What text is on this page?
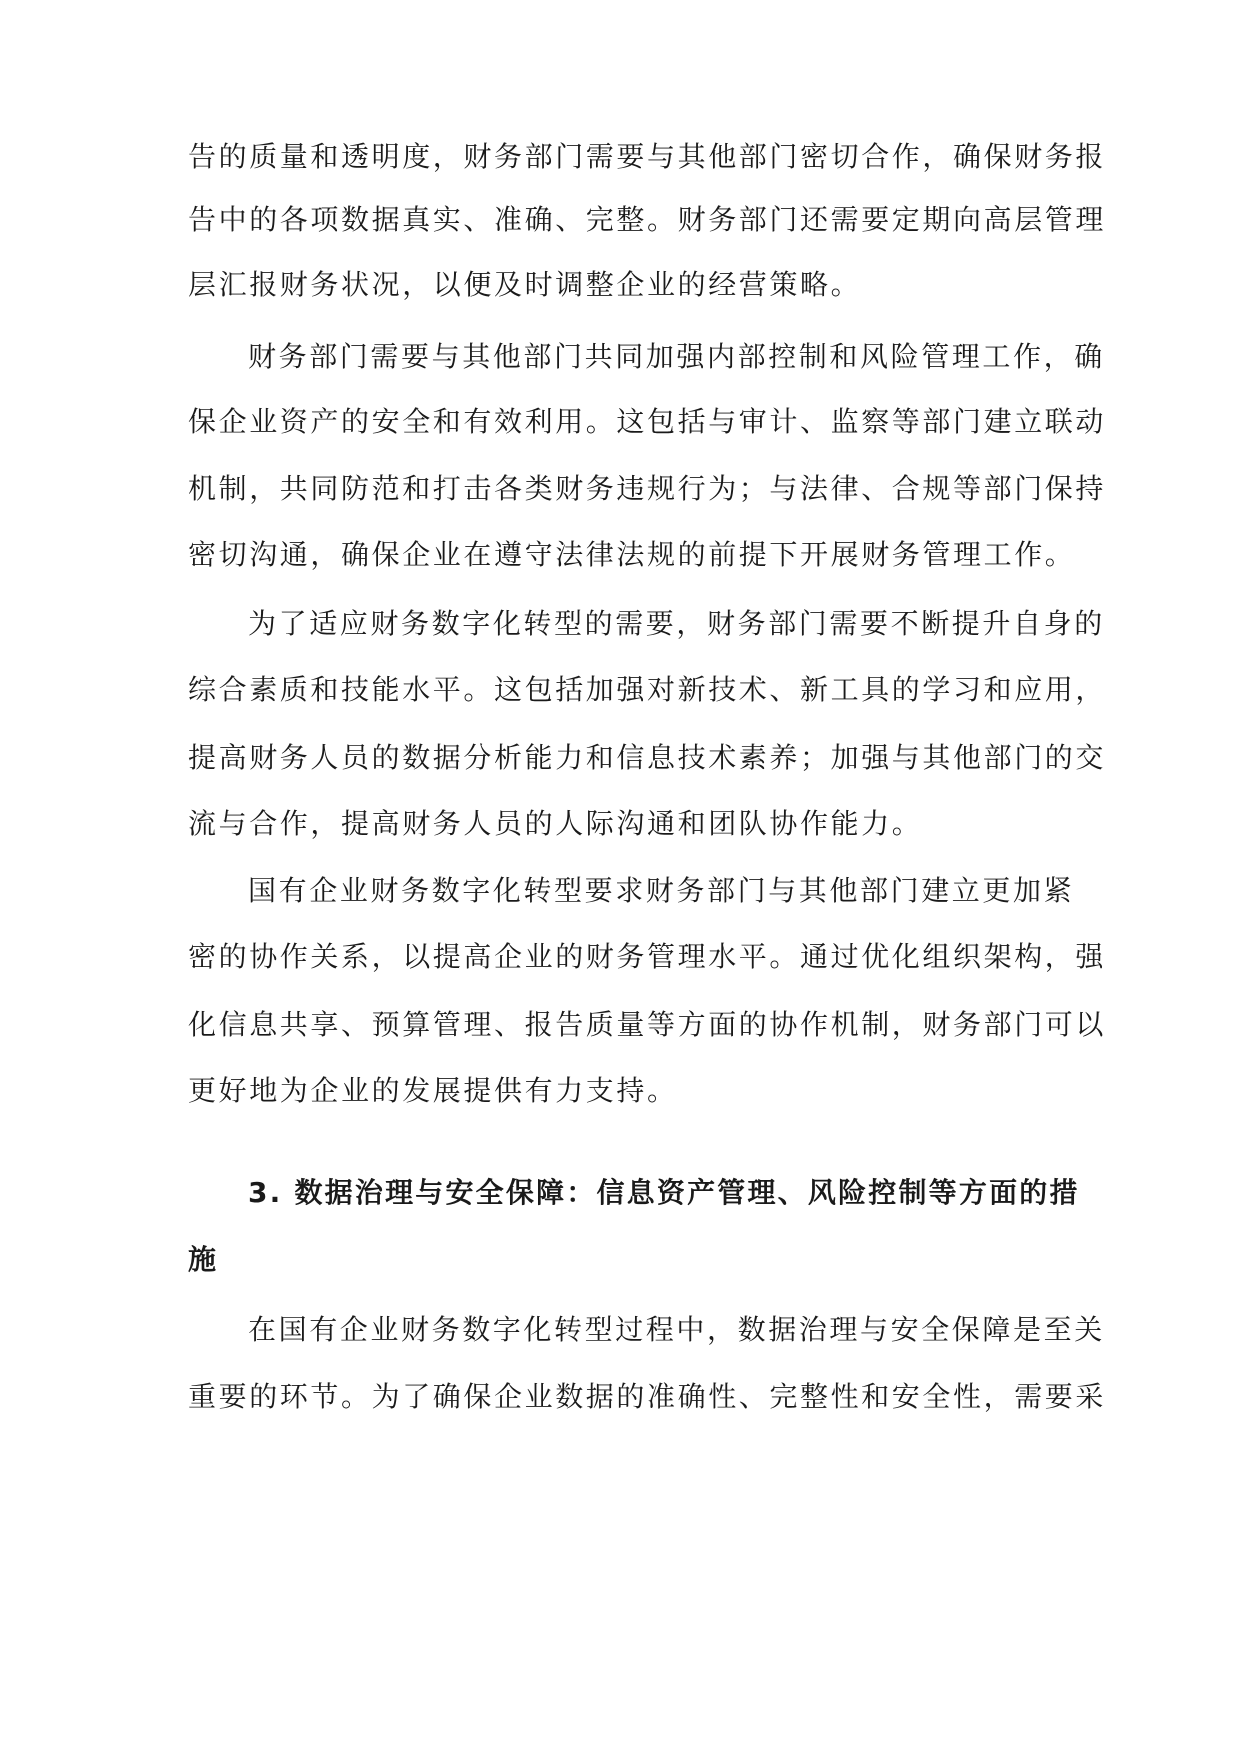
告的质量和透明度，财务部门需要与其他部门密切合作，确保财务报
告中的各项数据真实、准确、完整。财务部门还需要定期向高层管理
层汇报财务状况，以便及时调整企业的经营策略。
财务部门需要与其他部门共同加强内部控制和风险管理工作，确
保企业资产的安全和有效利用。这包括与审计、监察等部门建立联动
机制，共同防范和打击各类财务违规行为；与法律、合规等部门保持
密切沟通，确保企业在遵守法律法规的前提下开展财务管理工作。
为了适应财务数字化转型的需要，财务部门需要不断提升自身的
综合素质和技能水平。这包括加强对新技术、新工具的学习和应用，
提高财务人员的数据分析能力和信息技术素养；加强与其他部门的交
流与合作，提高财务人员的人际沟通和团队协作能力。
国有企业财务数字化转型要求财务部门与其他部门建立更加紧
密的协作关系，以提高企业的财务管理水平。通过优化组织架构，强
化信息共享、预算管理、报告质量等方面的协作机制，财务部门可以
更好地为企业的发展提供有力支持。
3. 数据治理与安全保障：信息资产管理、风险控制等方面的措
施
在国有企业财务数字化转型过程中，数据治理与安全保障是至关
重要的环节。为了确保企业数据的准确性、完整性和安全性，需要采
